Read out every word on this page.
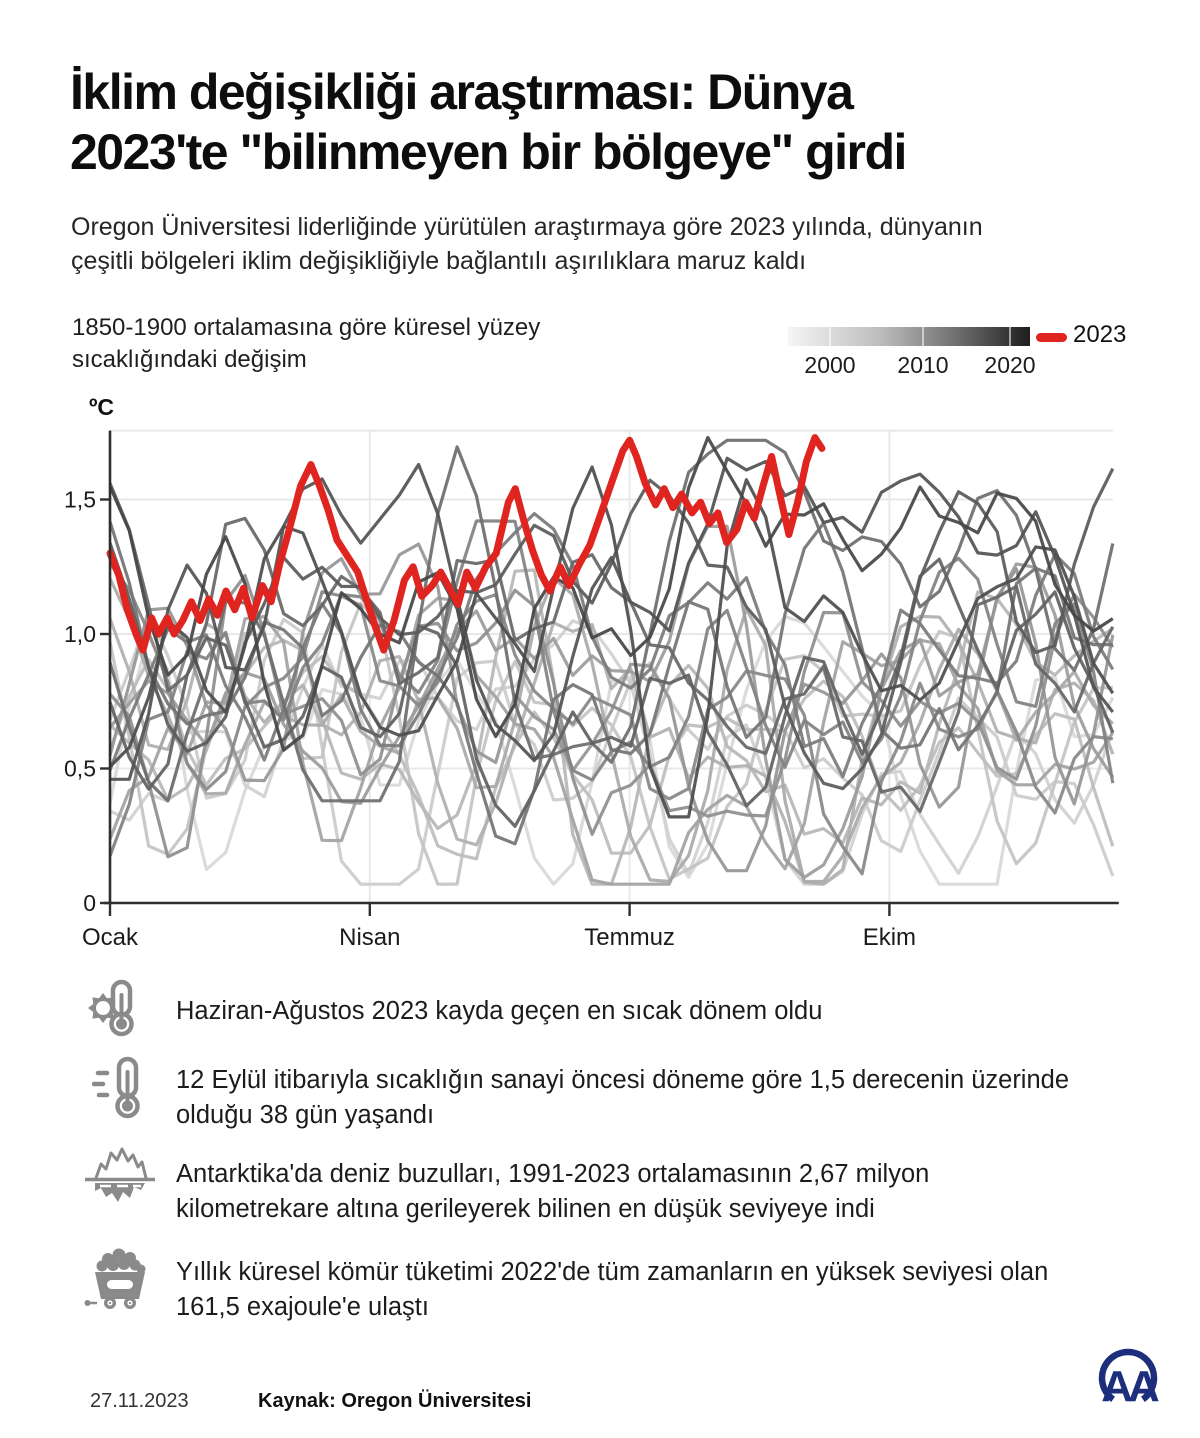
İklim değişikliği araştırması: Dünya
2023'te "bilinmeyen bir bölgeye" girdi

Oregon Üniversitesi liderliğinde yürütülen araştırmaya göre 2023 yılında, dünyanın
çeşitli bölgeleri iklim değişikliğiyle bağlantılı aşırılıklara maruz kaldı

1850-1900 ortalamasına göre küresel yüzey
sıcaklığındaki değişim	2000 2010 2020
2023
ºC
0
0,5
1,0
1,5
Ocak	Nisan	Temmuz	Ekim
Haziran-Ağustos 2023 kayda geçen en sıcak dönem oldu
12 Eylül itibarıyla sıcaklığın sanayi öncesi döneme göre 1,5 derecenin üzerinde
olduğu 38 gün yaşandı
Antarktika'da deniz buzulları, 1991-2023 ortalamasının 2,67 milyon
kilometrekare altına gerileyerek bilinen en düşük seviyeye indi
Yıllık küresel kömür tüketimi 2022'de tüm zamanların en yüksek seviyesi olan
161,5 exajoule'e ulaştı
27.11.2023	Kaynak: Oregon Üniversitesi	AA
